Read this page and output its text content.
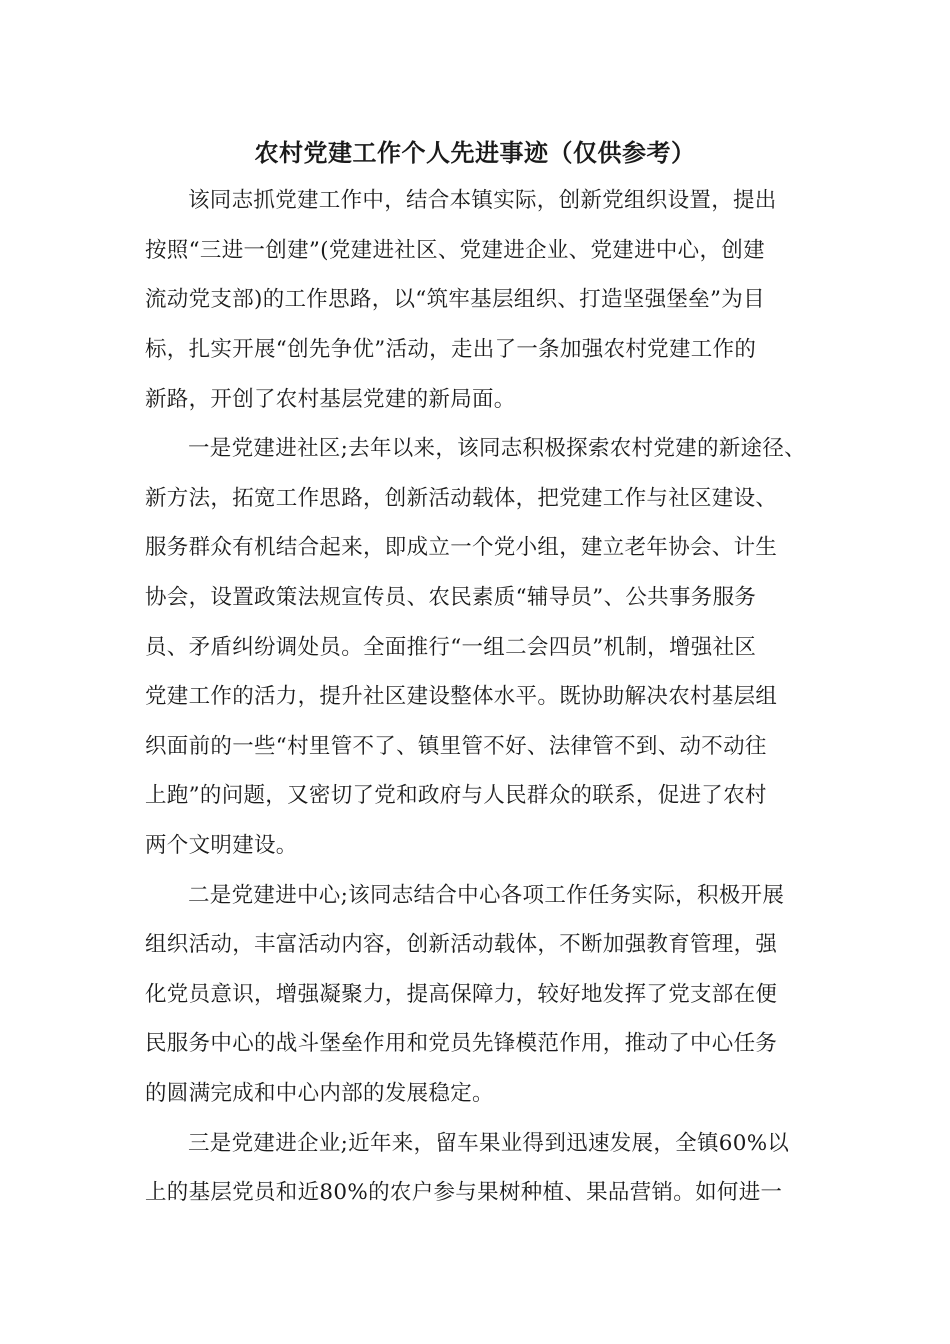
农村党建工作个人先进事迹（仅供参考）
该同志抓党建工作中，结合本镇实际，创新党组织设置，提出
按照“三进一创建”(党建进社区、党建进企业、党建进中心，创建
流动党支部)的工作思路，以“筑牢基层组织、打造坚强堡垒”为目
标，扎实开展“创先争优”活动，走出了一条加强农村党建工作的
新路，开创了农村基层党建的新局面。
一是党建进社区;去年以来，该同志积极探索农村党建的新途径、
新方法，拓宽工作思路，创新活动载体，把党建工作与社区建设、
服务群众有机结合起来，即成立一个党小组，建立老年协会、计生
协会，设置政策法规宣传员、农民素质“辅导员”、公共事务服务
员、矛盾纠纷调处员。全面推行“一组二会四员”机制，增强社区
党建工作的活力，提升社区建设整体水平。既协助解决农村基层组
织面前的一些“村里管不了、镇里管不好、法律管不到、动不动往
上跑”的问题，又密切了党和政府与人民群众的联系，促进了农村
两个文明建设。
二是党建进中心;该同志结合中心各项工作任务实际，积极开展
组织活动，丰富活动内容，创新活动载体，不断加强教育管理，强
化党员意识，增强凝聚力，提高保障力，较好地发挥了党支部在便
民服务中心的战斗堡垒作用和党员先锋模范作用，推动了中心任务
的圆满完成和中心内部的发展稳定。
三是党建进企业;近年来，留车果业得到迅速发展，全镇60%以
上的基层党员和近80%的农户参与果树种植、果品营销。如何进一
